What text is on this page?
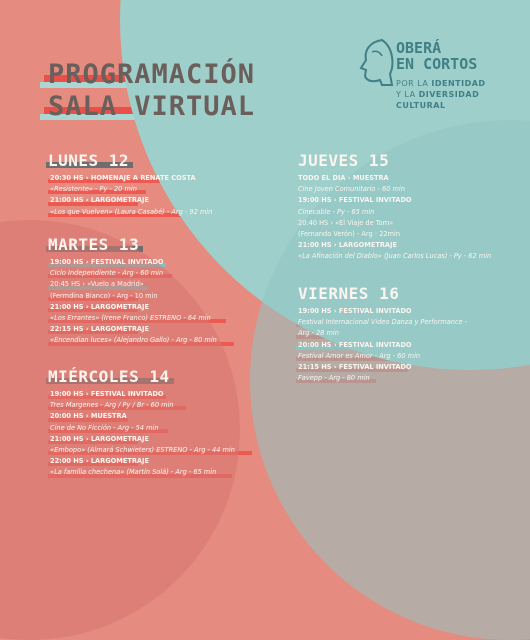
PROGRAMACIÓN
SALA VIRTUAL
OBERÁ
EN CORTOS
POR LA IDENTIDAD
Y LA DIVERSIDAD
CULTURAL
LUNES 12
20:30 HS › HOMENAJE A RENATE COSTA
«Resistente» - Py - 20 min
21:00 HS › LARGOMETRAJE
«Los que Vuelven» (Laura Casabé) - Arg - 92 min
MARTES 13
19:00 HS › FESTIVAL INVITADO
Ciclo Independiente - Arg - 60 min
20:45 HS › «Vuelo a Madrid»
(Fermdina Bianco) - Arg - 10 min
21:00 HS › LARGOMETRAJE
«Los Errantes» (Irene Franco) ESTRENO - 64 min
22:15 HS › LARGOMETRAJE
«Encendian luces» (Alejandro Gallo) - Arg - 80 min
MIÉRCOLES 14
19:00 HS › FESTIVAL INVITADO
Tres Margenes - Arg / Py / Br - 60 min
20:00 HS › MUESTRA
Cine de No Ficción - Arg - 54 min
21:00 HS › LARGOMETRAJE
«Embopo» (Almará Schwieters) ESTRENO - Arg - 44 min
22:00 HS › LARGOMETRAJE
«La familia chechena» (Martín Solá) - Arg - 65 min
JUEVES 15
TODO EL DIA › MUESTRA
Cine Joven Comunitario - 60 min
19:00 HS › FESTIVAL INVITADO
Cinecable - Py - 65 min
20:40 HS › «El Viaje de Tom»
(Fernando Verón) - Arg - 22min
21:00 HS › LARGOMETRAJE
«La Afinación del Diablo» (Juan Carlos Lucas) - Py - 62 min
VIERNES 16
19:00 HS › FESTIVAL INVITADO
Festival Internacional Video Danza y Performance -
Arg - 28 min
20:00 HS › FESTIVAL INVITADO
Festival Amor es Amor - Arg - 60 min
21:15 HS › FESTIVAL INVITADO
Favepp - Arg - 80 min
